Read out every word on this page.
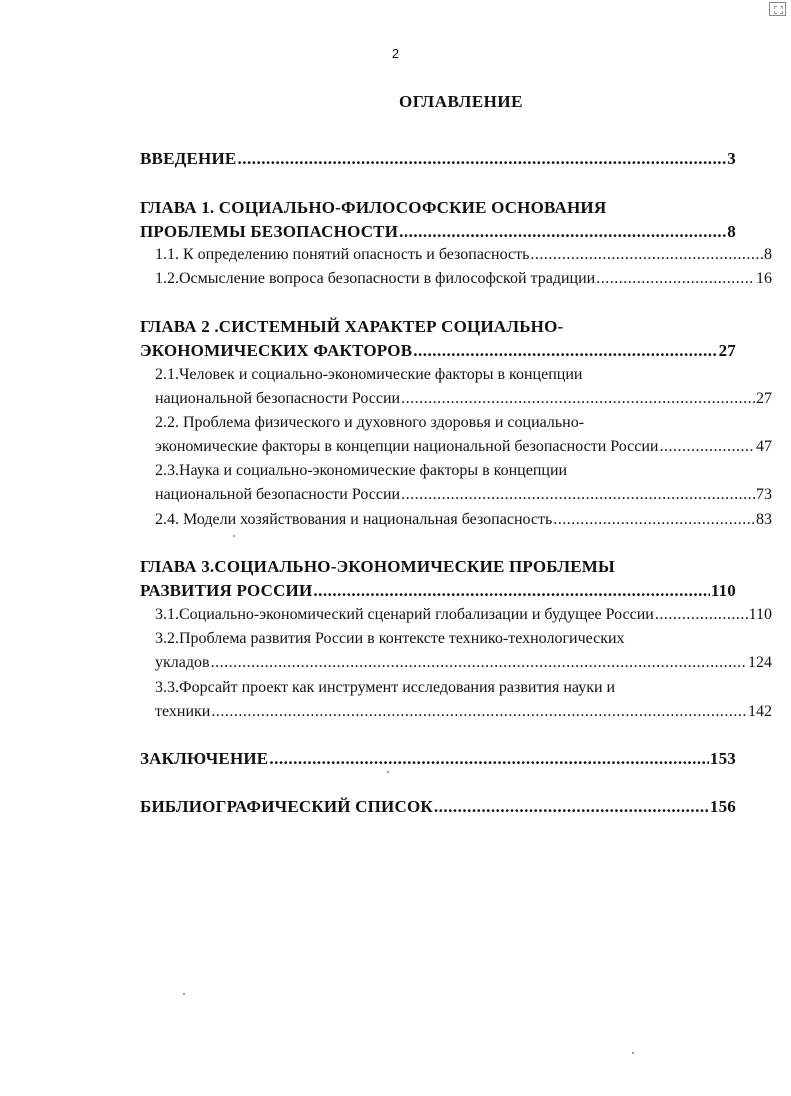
2
ОГЛАВЛЕНИЕ
ВВЕДЕНИЕ .....	3
ГЛАВА 1. СОЦИАЛЬНО-ФИЛОСОФСКИЕ ОСНОВАНИЯ
ПРОБЛЕМЫ БЕЗОПАСНОСТИ .....	8
1.1. К определению понятий опасность и безопасность .....	8
1.2.Осмысление вопроса безопасности в философской традиции .....	16
ГЛАВА 2 .СИСТЕМНЫЙ ХАРАКТЕР СОЦИАЛЬНО-
ЭКОНОМИЧЕСКИХ ФАКТОРОВ .....	27
2.1.Человек и социально-экономические факторы в концепции
национальной безопасности России .....	27
2.2. Проблема физического и духовного здоровья и социально-
экономические факторы в концепции национальной безопасности России .....	47
2.3.Наука и социально-экономические факторы в концепции
национальной безопасности России .....	73
2.4. Модели хозяйствования и национальная безопасность .....	83
ГЛАВА 3.СОЦИАЛЬНО-ЭКОНОМИЧЕСКИЕ ПРОБЛЕМЫ
РАЗВИТИЯ РОССИИ .....	110
3.1.Социально-экономический сценарий глобализации и будущее России .....	110
3.2.Проблема развития России в контексте технико-технологических
укладов .....	124
3.3.Форсайт проект как инструмент исследования развития науки и
техники .....	142
ЗАКЛЮЧЕНИЕ .....	153
БИБЛИОГРАФИЧЕСКИЙ СПИСОК .....	156
